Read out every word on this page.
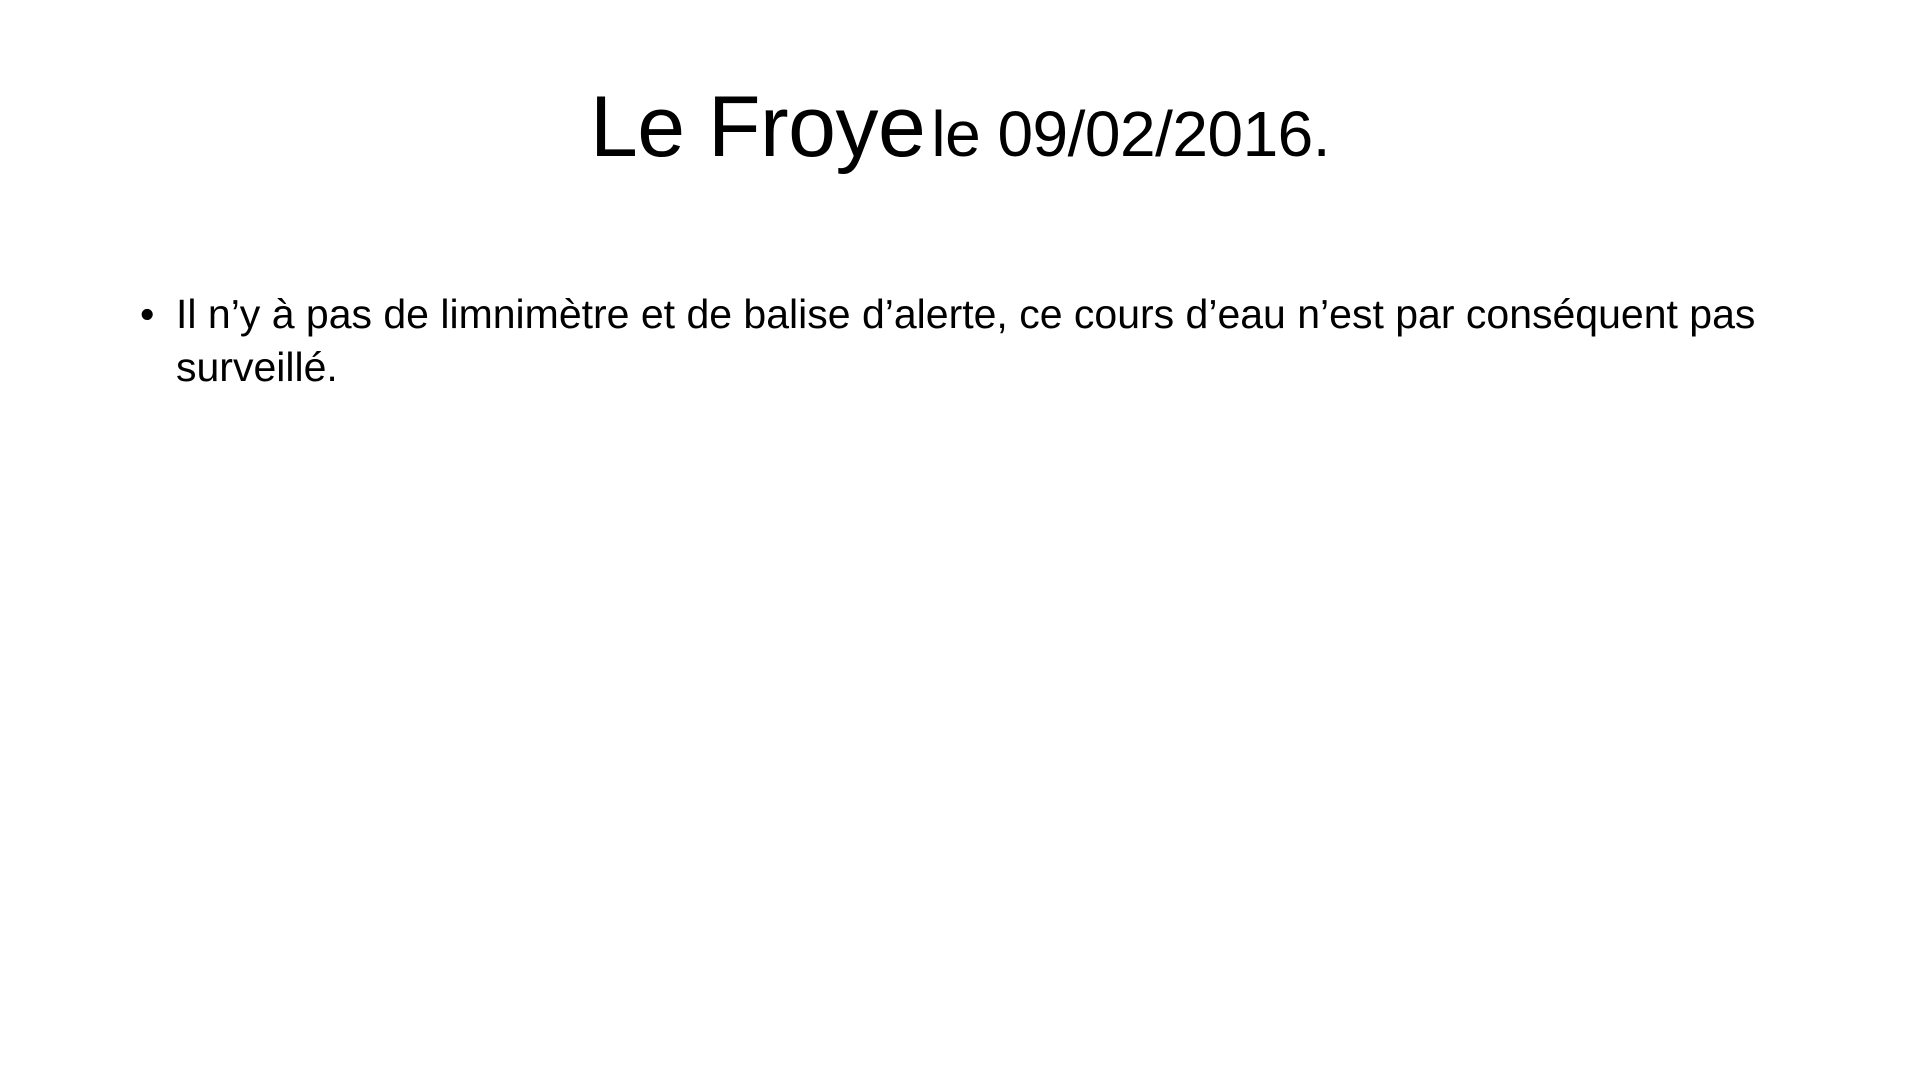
Le Froyele 09/02/2016.
• Il n’y à pas de limnimètre et de balise d’alerte, ce cours d’eau n’est par conséquent pas surveillé.
